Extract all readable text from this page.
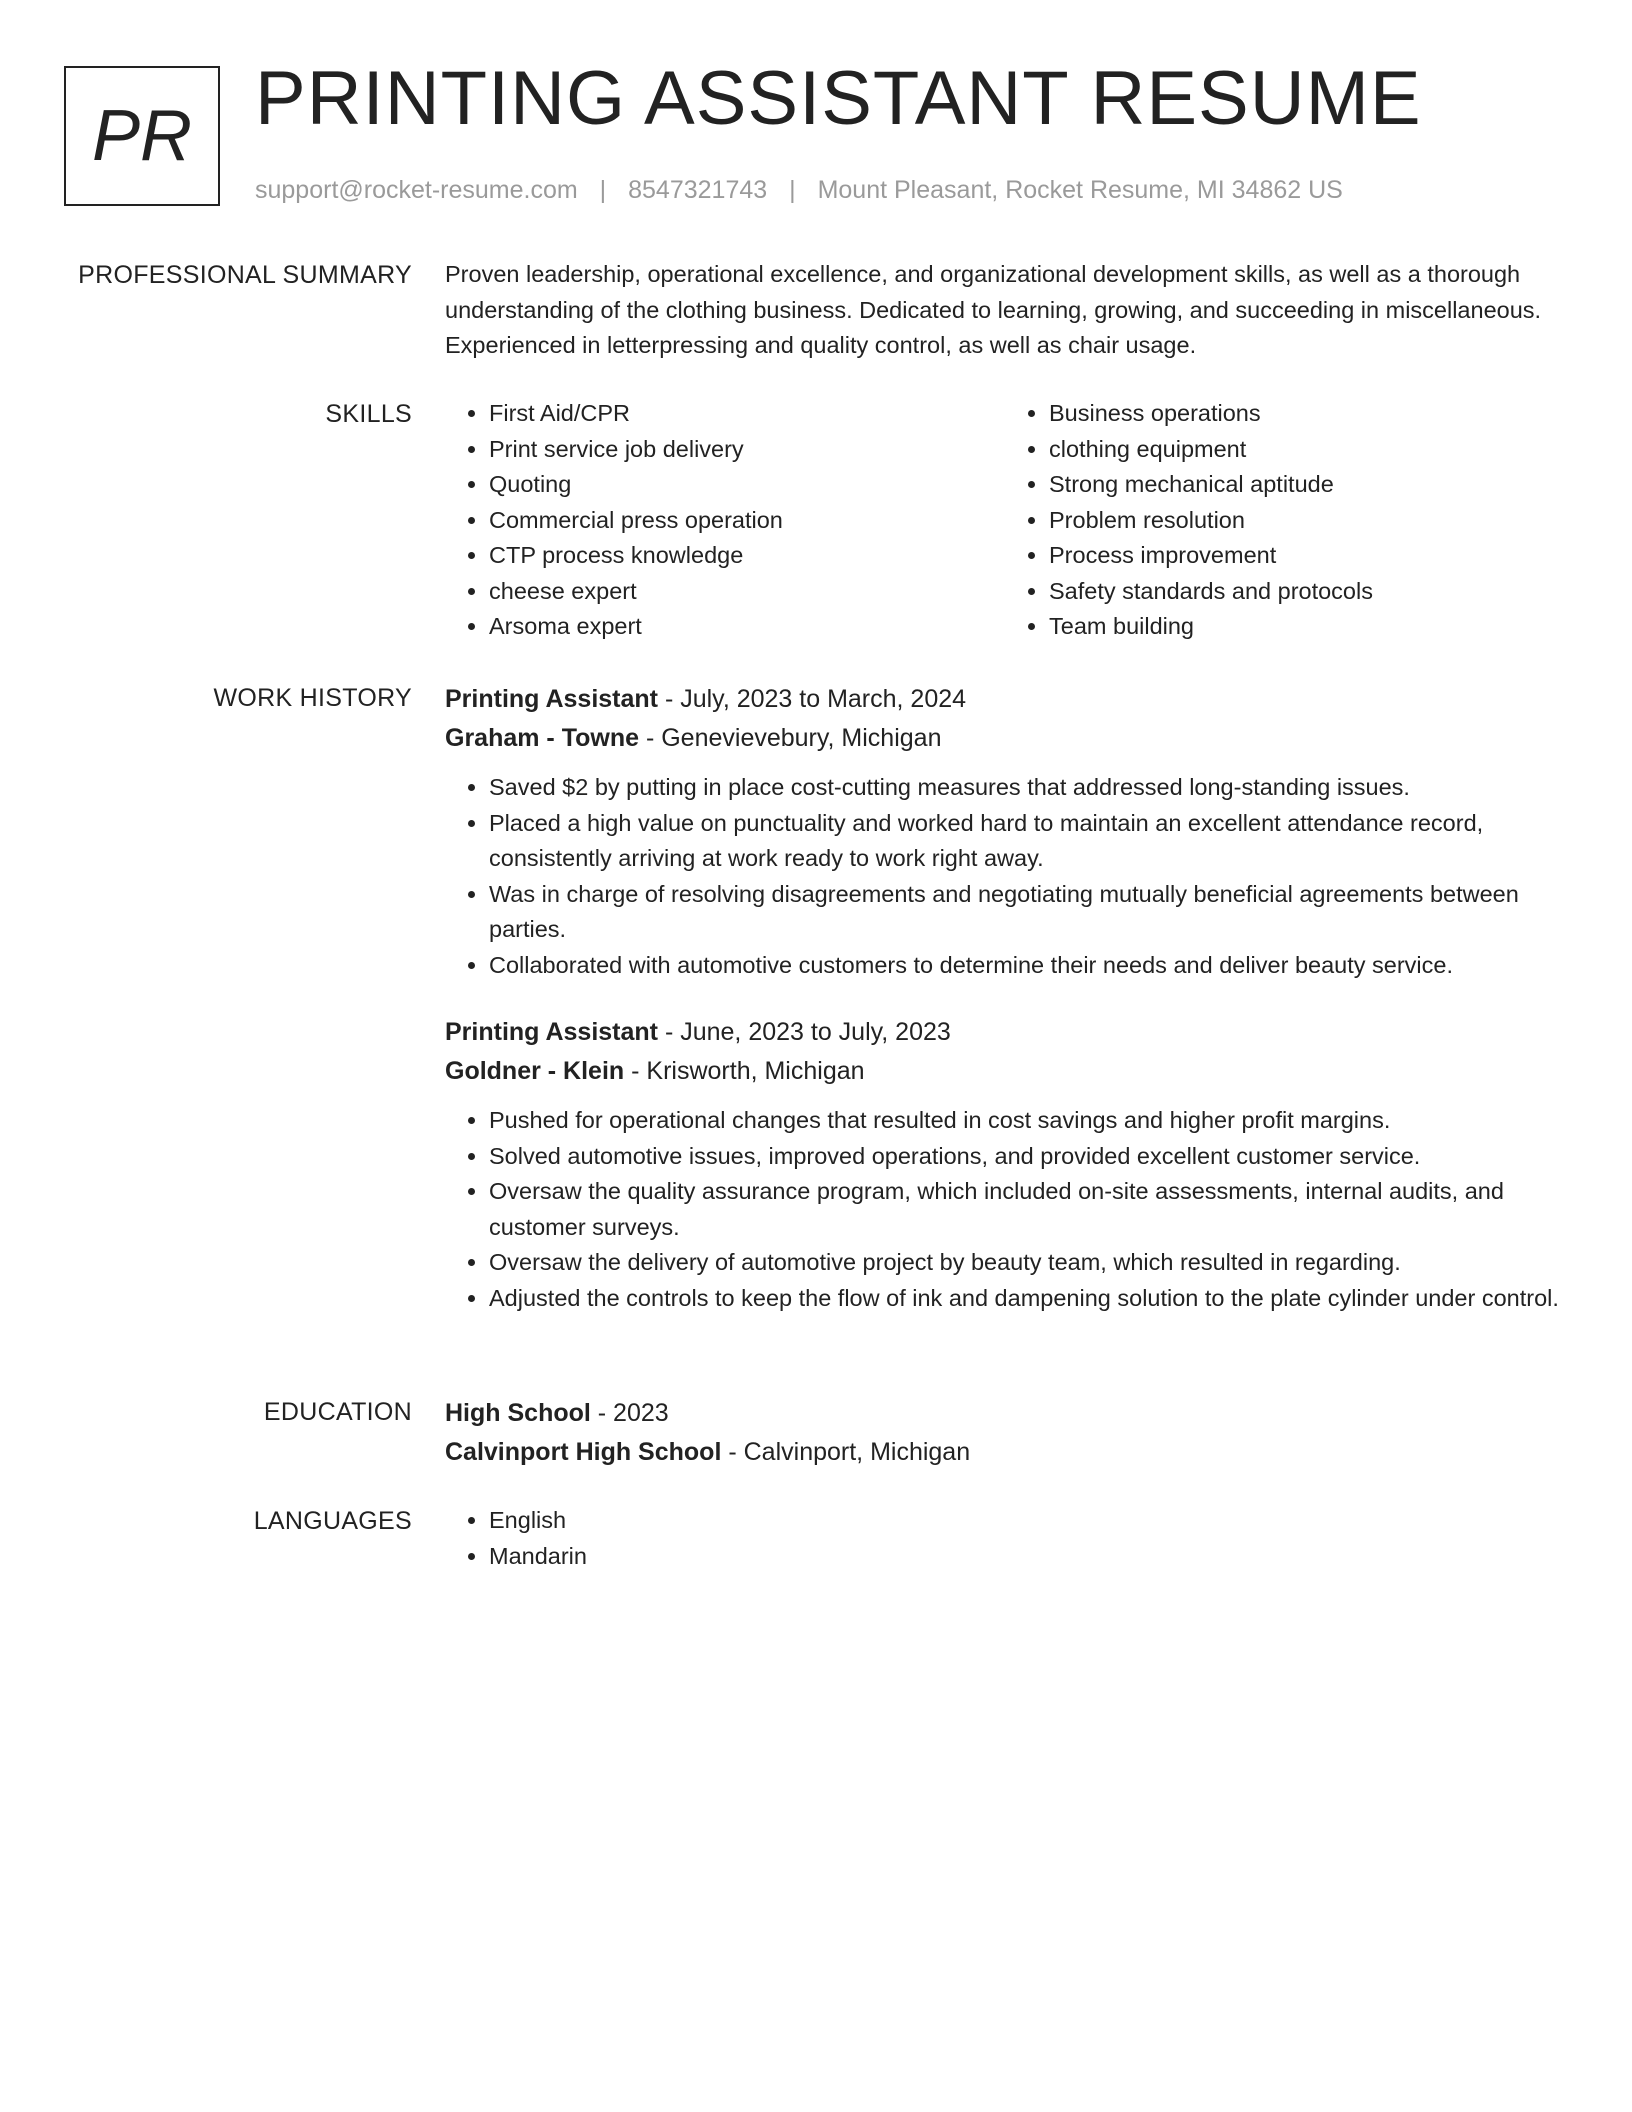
PR PRINTING ASSISTANT RESUME
support@rocket-resume.com | 8547321743 | Mount Pleasant, Rocket Resume, MI 34862 US
PROFESSIONAL SUMMARY Proven leadership, operational excellence, and organizational development skills, as well as a thorough understanding of the clothing business. Dedicated to learning, growing, and succeeding in miscellaneous. Experienced in letterpressing and quality control, as well as chair usage.

SKILLS	• First Aid/CPR
• Print service job delivery
• Quoting
• Commercial press operation
• CTP process knowledge
• cheese expert
• Arsoma expert
• Business operations
• clothing equipment
• Strong mechanical aptitude
• Problem resolution
• Process improvement
• Safety standards and protocols
• Team building
WORK HISTORY Printing Assistant - July, 2023 to March, 2024
Graham - Towne - Genevievebury, Michigan
• Saved $2 by putting in place cost-cutting measures that addressed long-standing issues.
• Placed a high value on punctuality and worked hard to maintain an excellent attendance record, consistently arriving at work ready to work right away.
• Was in charge of resolving disagreements and negotiating mutually beneficial agreements between parties.
• Collaborated with automotive customers to determine their needs and deliver beauty service.
Printing Assistant - June, 2023 to July, 2023
Goldner - Klein - Krisworth, Michigan
• Pushed for operational changes that resulted in cost savings and higher profit margins.
• Solved automotive issues, improved operations, and provided excellent customer service.
• Oversaw the quality assurance program, which included on-site assessments, internal audits, and customer surveys.
• Oversaw the delivery of automotive project by beauty team, which resulted in regarding.
• Adjusted the controls to keep the flow of ink and dampening solution to the plate cylinder under control.
EDUCATION High School - 2023
Calvinport High School - Calvinport, Michigan
LANGUAGES	• English
• Mandarin
